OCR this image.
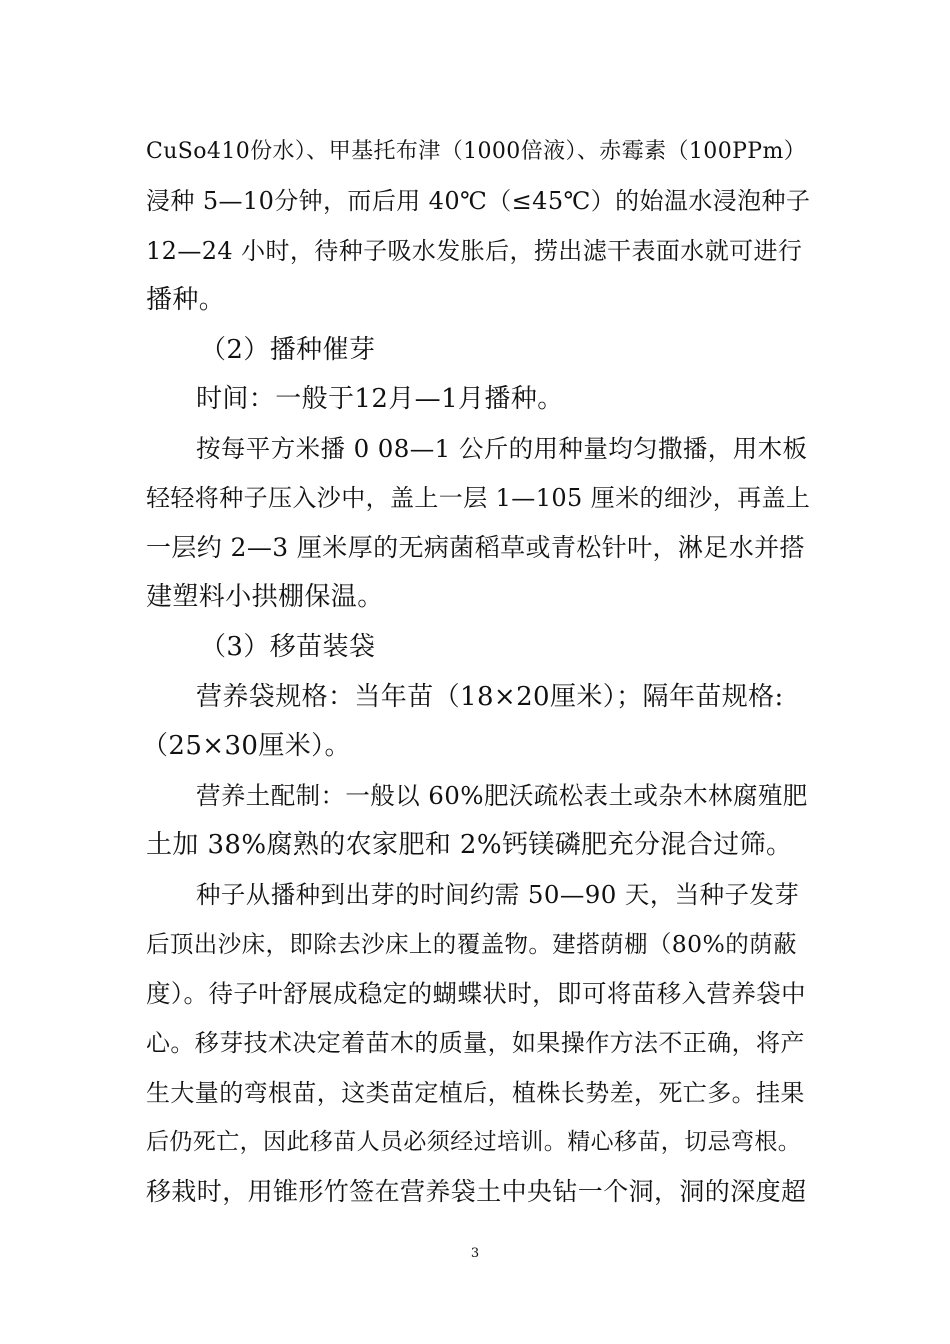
CuSo410份水）、甲基托布津（1000倍液）、赤霉素（100PPm）
浸种 5—10分钟，而后用 40℃（≤45℃）的始温水浸泡种子
12—24 小时，待种子吸水发胀后，捞出滤干表面水就可进行
播种。
（2）播种催芽
时间：一般于12月—1月播种。
按每平方米播 0 08—1 公斤的用种量均匀撒播，用木板
轻轻将种子压入沙中，盖上一层 1—105 厘米的细沙，再盖上
一层约 2—3 厘米厚的无病菌稻草或青松针叶，淋足水并搭
建塑料小拱棚保温。
（3）移苗装袋
营养袋规格：当年苗（18×20厘米）；隔年苗规格:
（25×30厘米）。
营养土配制：一般以 60%肥沃疏松表土或杂木林腐殖肥
土加 38%腐熟的农家肥和 2%钙镁磷肥充分混合过筛。
种子从播种到出芽的时间约需 50—90 天，当种子发芽
后顶出沙床，即除去沙床上的覆盖物。建搭荫棚（80%的荫蔽
度）。待子叶舒展成稳定的蝴蝶状时，即可将苗移入营养袋中
心。移芽技术决定着苗木的质量，如果操作方法不正确，将产
生大量的弯根苗，这类苗定植后，植株长势差，死亡多。挂果
后仍死亡，因此移苗人员必须经过培训。精心移苗，切忌弯根。
移栽时，用锥形竹签在营养袋土中央钻一个洞，洞的深度超
3
